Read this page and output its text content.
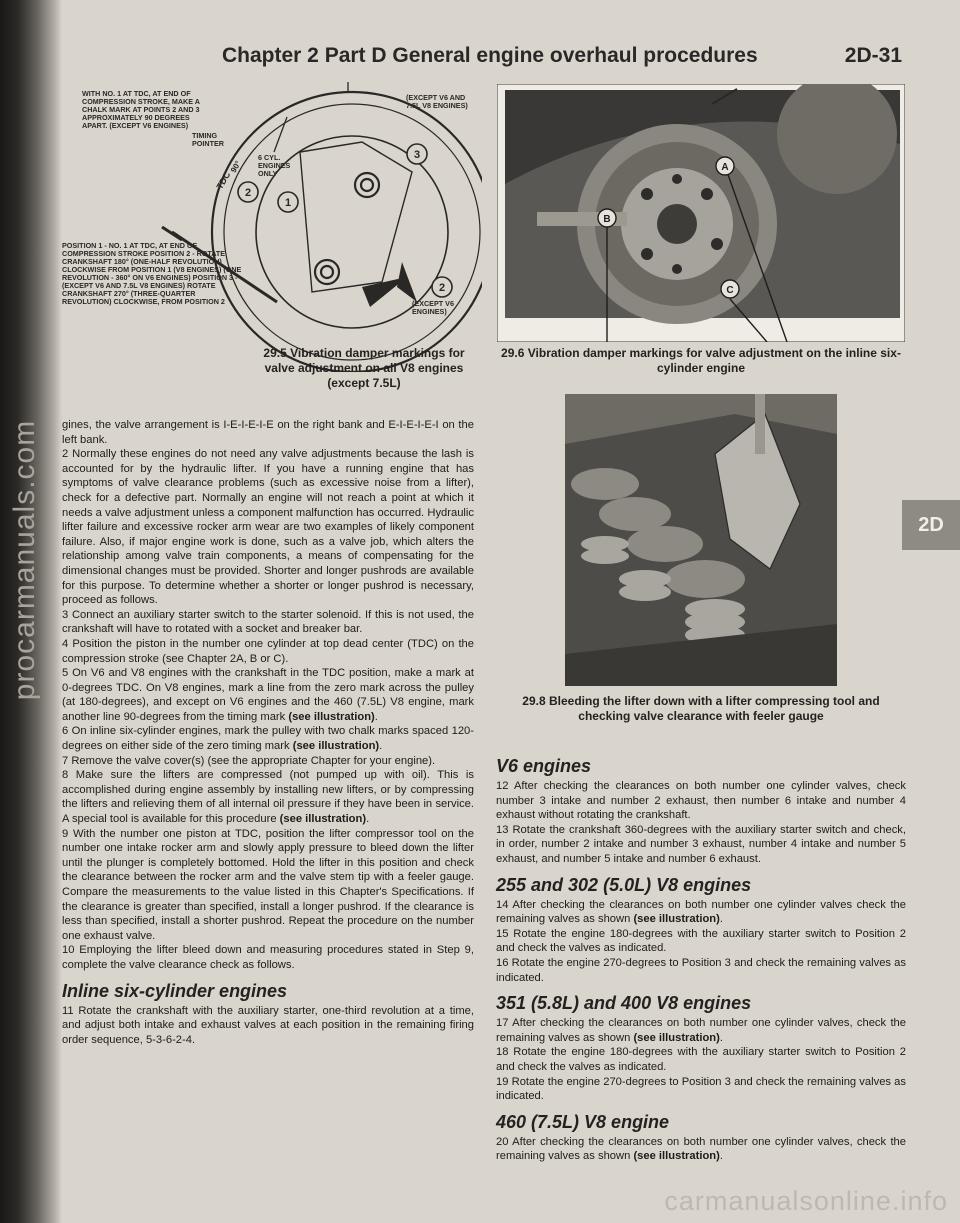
procarmanuals.com
Chapter 2 Part D General engine overhaul procedures	2D-31
2
1
3
2
TDC
90°
WITH NO. 1 AT TDC, AT END OF COMPRESSION STROKE, MAKE A CHALK MARK AT POINTS 2 AND 3 APPROXIMATELY 90 DEGREES APART. (EXCEPT V6 ENGINES)
TIMING POINTER
(EXCEPT V6 AND 7.5L V8 ENGINES)
6 CYL. ENGINES ONLY
POSITION 1 - NO. 1 AT TDC, AT END OF COMPRESSION STROKE POSITION 2 - ROTATE CRANKSHAFT 180° (ONE-HALF REVOLUTION) CLOCKWISE FROM POSITION 1 (V8 ENGINES) (ONE REVOLUTION - 360° ON V6 ENGINES) POSITION 3 - (EXCEPT V6 AND 7.5L V8 ENGINES) ROTATE CRANKSHAFT 270° (THREE-QUARTER REVOLUTION) CLOCKWISE, FROM POSITION 2	(EXCEPT V6 ENGINES)
29.5 Vibration damper markings for valve adjustment on all V8 engines (except 7.5L)
A
B
C
29.6 Vibration damper markings for valve adjustment on the inline six-cylinder engine
29.8 Bleeding the lifter down with a lifter compressing tool and checking valve clearance with feeler gauge
2D

gines, the valve arrangement is I-E-I-E-I-E on the right bank and E-I-E-I-E-I on the left bank.

2 Normally these engines do not need any valve adjustments because the lash is accounted for by the hydraulic lifter. If you have a running engine that has symptoms of valve clearance problems (such as excessive noise from a lifter), check for a defective part. Normally an engine will not reach a point at which it needs a valve adjustment unless a component malfunction has occurred. Hydraulic lifter failure and excessive rocker arm wear are two examples of likely component failure. Also, if major engine work is done, such as a valve job, which alters the relationship among valve train components, a means of compensating for the dimensional changes must be provided. Shorter and longer pushrods are available for this purpose. To determine whether a shorter or longer pushrod is necessary, proceed as follows.

3 Connect an auxiliary starter switch to the starter solenoid. If this is not used, the crankshaft will have to rotated with a socket and breaker bar.

4 Position the piston in the number one cylinder at top dead center (TDC) on the compression stroke (see Chapter 2A, B or C).

5 On V6 and V8 engines with the crankshaft in the TDC position, make a mark at 0-degrees TDC. On V8 engines, mark a line from the zero mark across the pulley (at 180-degrees), and except on V6 engines and the 460 (7.5L) V8 engine, mark another line 90-degrees from the timing mark (see illustration).

6 On inline six-cylinder engines, mark the pulley with two chalk marks spaced 120-degrees on either side of the zero timing mark (see illustration).

7 Remove the valve cover(s) (see the appropriate Chapter for your engine).

8 Make sure the lifters are compressed (not pumped up with oil). This is accomplished during engine assembly by installing new lifters, or by compressing the lifters and relieving them of all internal oil pressure if they have been in service. A special tool is available for this procedure (see illustration).

9 With the number one piston at TDC, position the lifter compressor tool on the number one intake rocker arm and slowly apply pressure to bleed down the lifter until the plunger is completely bottomed. Hold the lifter in this position and check the clearance between the rocker arm and the valve stem tip with a feeler gauge. Compare the measurements to the value listed in this Chapter's Specifications. If the clearance is greater than specified, install a longer pushrod. If the clearance is less than specified, install a shorter pushrod. Repeat the procedure on the number one exhaust valve.

10 Employing the lifter bleed down and measuring procedures stated in Step 9, complete the valve clearance check as follows.

Inline six-cylinder engines

11 Rotate the crankshaft with the auxiliary starter, one-third revolution at a time, and adjust both intake and exhaust valves at each position in the remaining firing order sequence, 5-3-6-2-4.

V6 engines

12 After checking the clearances on both number one cylinder valves, check number 3 intake and number 2 exhaust, then number 6 intake and number 4 exhaust without rotating the crankshaft.

13 Rotate the crankshaft 360-degrees with the auxiliary starter switch and check, in order, number 2 intake and number 3 exhaust, number 4 intake and number 5 exhaust, and number 5 intake and number 6 exhaust.

255 and 302 (5.0L) V8 engines

14 After checking the clearances on both number one cylinder valves check the remaining valves as shown (see illustration).

15 Rotate the engine 180-degrees with the auxiliary starter switch to Position 2 and check the valves as indicated.

16 Rotate the engine 270-degrees to Position 3 and check the remaining valves as indicated.

351 (5.8L) and 400 V8 engines

17 After checking the clearances on both number one cylinder valves, check the remaining valves as shown (see illustration).

18 Rotate the engine 180-degrees with the auxiliary starter switch to Position 2 and check the valves as indicated.

19 Rotate the engine 270-degrees to Position 3 and check the remaining valves as indicated.

460 (7.5L) V8 engine

20 After checking the clearances on both number one cylinder valves, check the remaining valves as shown (see illustration).

carmanualsonline.info
